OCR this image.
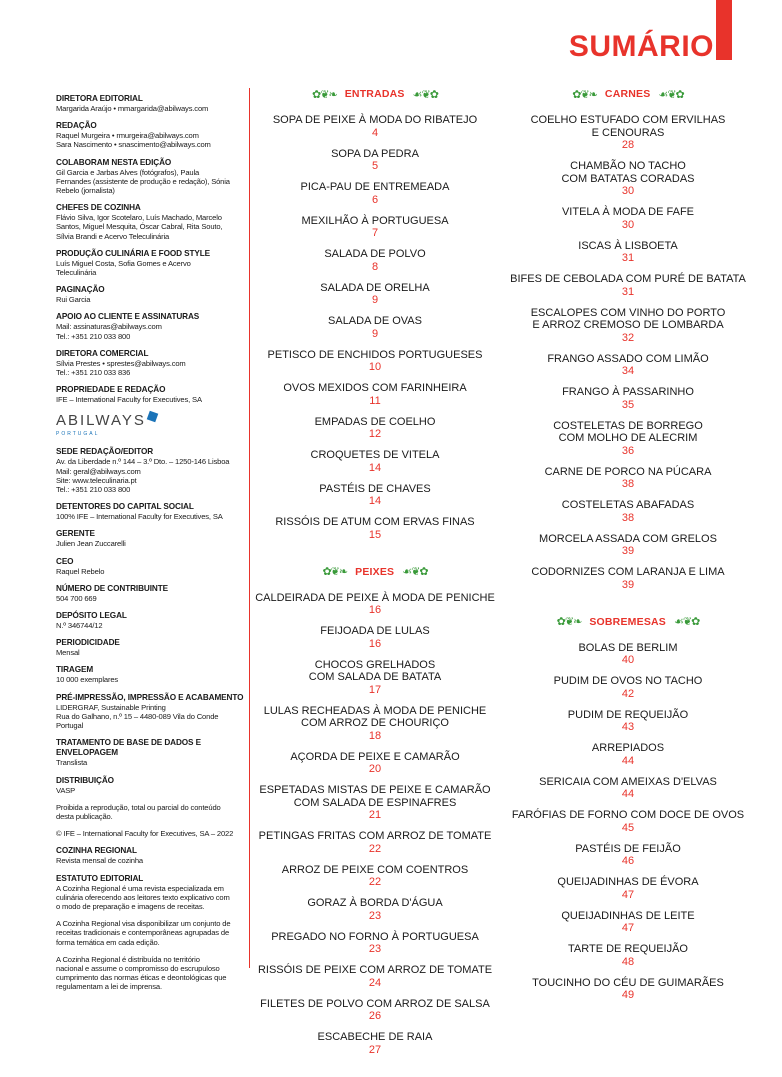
SUMÁRIO
DIRETORA EDITORIAL
Margarida Araújo • mmargarida@abilways.com
REDAÇÃO
Raquel Murgeira • rmurgeira@abilways.com
Sara Nascimento • snascimento@abilways.com
COLABORAM NESTA EDIÇÃO
Gil Garcia e Jarbas Alves (fotógrafos), Paula
Fernandes (assistente de produção e redação), Sónia
Rebelo (jornalista)
CHEFES DE COZINHA
Flávio Silva, Igor Scotelaro, Luís Machado, Marcelo
Santos, Miguel Mesquita, Óscar Cabral, Rita Souto,
Sílvia Brandi e Acervo Teleculinária
PRODUÇÃO CULINÁRIA E FOOD STYLE
Luís Miguel Costa, Sofia Gomes e Acervo
Teleculinária
PAGINAÇÃO
Rui Garcia
APOIO AO CLIENTE E ASSINATURAS
Mail: assinaturas@abilways.com
Tel.: +351 210 033 800
DIRETORA COMERCIAL
Sílvia Prestes • sprestes@abilways.com
Tel.: +351 210 033 836
PROPRIEDADE E REDAÇÃO
IFE – International Faculty for Executives, SA
ABILWAYS
PORTUGAL
SEDE REDAÇÃO/EDITOR
Av. da Liberdade n.º 144 – 3.º Dto. – 1250-146 Lisboa
Mail: geral@abilways.com
Site: www.teleculinaria.pt
Tel.: +351 210 033 800
DETENTORES DO CAPITAL SOCIAL
100% IFE – International Faculty for Executives, SA
GERENTE
Julien Jean Zuccarelli
CEO
Raquel Rebelo
NÚMERO DE CONTRIBUINTE
504 700 669
DEPÓSITO LEGAL
N.º 346744/12
PERIODICIDADE
Mensal
TIRAGEM
10 000 exemplares
PRÉ-IMPRESSÃO, IMPRESSÃO E ACABAMENTO
LIDERGRAF, Sustainable Printing
Rua do Galhano, n.º 15 – 4480-089 Vila do Conde
Portugal
TRATAMENTO DE BASE DE DADOS E ENVELOPAGEM
Translista
DISTRIBUIÇÃO
VASP
Proibida a reprodução, total ou parcial do conteúdo
desta publicação.
© IFE – International Faculty for Executives, SA – 2022
COZINHA REGIONAL
Revista mensal de cozinha
ESTATUTO EDITORIAL
A Cozinha Regional é uma revista especializada em
culinária oferecendo aos leitores texto explicativo com
o modo de preparação e imagens de receitas.
A Cozinha Regional visa disponibilizar um conjunto de
receitas tradicionais e contemporâneas agrupadas de
forma temática em cada edição.
A Cozinha Regional é distribuída no território
nacional e assume o compromisso do escrupuloso
cumprimento das normas éticas e deontológicas que
regulamentam a lei de imprensa.
✿❦❧ ENTRADAS ☙❦✿
SOPA DE PEIXE À MODA DO RIBATEJO
4
SOPA DA PEDRA
5
PICA-PAU DE ENTREMEADA
6
MEXILHÃO À PORTUGUESA
7
SALADA DE POLVO
8
SALADA DE ORELHA
9
SALADA DE OVAS
9
PETISCO DE ENCHIDOS PORTUGUESES
10
OVOS MEXIDOS COM FARINHEIRA
11
EMPADAS DE COELHO
12
CROQUETES DE VITELA
14
PASTÉIS DE CHAVES
14
RISSÓIS DE ATUM COM ERVAS FINAS
15
✿❦❧ PEIXES ☙❦✿
CALDEIRADA DE PEIXE À MODA DE PENICHE
16
FEIJOADA DE LULAS
16
CHOCOS GRELHADOS
COM SALADA DE BATATA
17
LULAS RECHEADAS À MODA DE PENICHE
COM ARROZ DE CHOURIÇO
18
AÇORDA DE PEIXE E CAMARÃO
20
ESPETADAS MISTAS DE PEIXE E CAMARÃO
COM SALADA DE ESPINAFRES
21
PETINGAS FRITAS COM ARROZ DE TOMATE
22
ARROZ DE PEIXE COM COENTROS
22
GORAZ À BORDA D'ÁGUA
23
PREGADO NO FORNO À PORTUGUESA
23
RISSÓIS DE PEIXE COM ARROZ DE TOMATE
24
FILETES DE POLVO COM ARROZ DE SALSA
26
ESCABECHE DE RAIA
27
✿❦❧ CARNES ☙❦✿
COELHO ESTUFADO COM ERVILHAS
E CENOURAS
28
CHAMBÃO NO TACHO
COM BATATAS CORADAS
30
VITELA À MODA DE FAFE
30
ISCAS À LISBOETA
31
BIFES DE CEBOLADA COM PURÉ DE BATATA
31
ESCALOPES COM VINHO DO PORTO
E ARROZ CREMOSO DE LOMBARDA
32
FRANGO ASSADO COM LIMÃO
34
FRANGO À PASSARINHO
35
COSTELETAS DE BORREGO
COM MOLHO DE ALECRIM
36
CARNE DE PORCO NA PÚCARA
38
COSTELETAS ABAFADAS
38
MORCELA ASSADA COM GRELOS
39
CODORNIZES COM LARANJA E LIMA
39
✿❦❧ SOBREMESAS ☙❦✿
BOLAS DE BERLIM
40
PUDIM DE OVOS NO TACHO
42
PUDIM DE REQUEIJÃO
43
ARREPIADOS
44
SERICAIA COM AMEIXAS D'ELVAS
44
FARÓFIAS DE FORNO COM DOCE DE OVOS
45
PASTÉIS DE FEIJÃO
46
QUEIJADINHAS DE ÉVORA
47
QUEIJADINHAS DE LEITE
47
TARTE DE REQUEIJÃO
48
TOUCINHO DO CÉU DE GUIMARÃES
49
